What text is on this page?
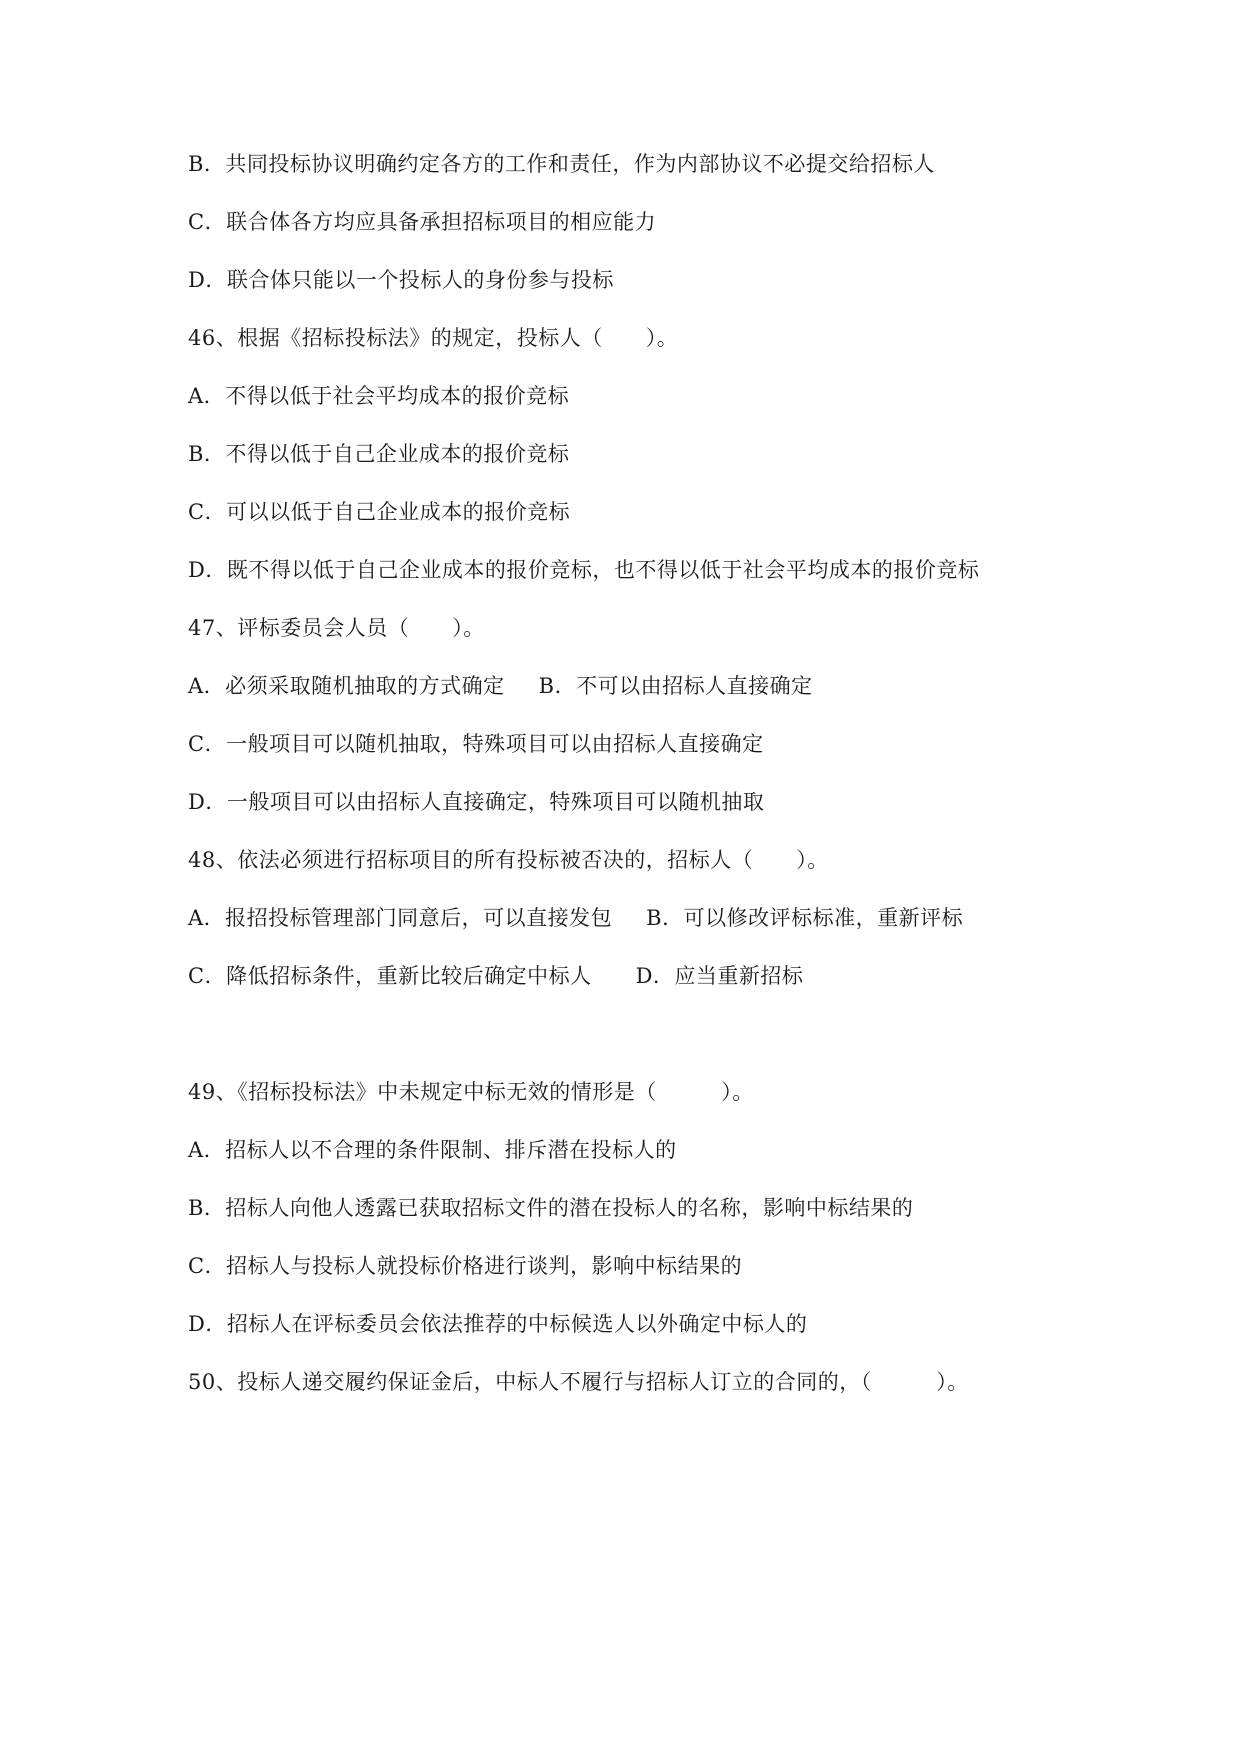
B．共同投标协议明确约定各方的工作和责任，作为内部协议不必提交给招标人
C．联合体各方均应具备承担招标项目的相应能力
D．联合体只能以一个投标人的身份参与投标
46、根据《招标投标法》的规定，投标人（　　）。
A．不得以低于社会平均成本的报价竞标
B．不得以低于自己企业成本的报价竞标
C．可以以低于自己企业成本的报价竞标
D．既不得以低于自己企业成本的报价竞标，也不得以低于社会平均成本的报价竞标
47、评标委员会人员（　　）。
A．必须采取随机抽取的方式确定 B．不可以由招标人直接确定
C．一般项目可以随机抽取，特殊项目可以由招标人直接确定
D．一般项目可以由招标人直接确定，特殊项目可以随机抽取
48、依法必须进行招标项目的所有投标被否决的，招标人（　　）。
A．报招投标管理部门同意后，可以直接发包 B．可以修改评标标准，重新评标
C．降低招标条件，重新比较后确定中标人 D．应当重新招标
49、《招标投标法》中未规定中标无效的情形是（　　　）。
A．招标人以不合理的条件限制、排斥潜在投标人的
B．招标人向他人透露已获取招标文件的潜在投标人的名称，影响中标结果的
C．招标人与投标人就投标价格进行谈判，影响中标结果的
D．招标人在评标委员会依法推荐的中标候选人以外确定中标人的
50、投标人递交履约保证金后，中标人不履行与招标人订立的合同的，（　　　）。
